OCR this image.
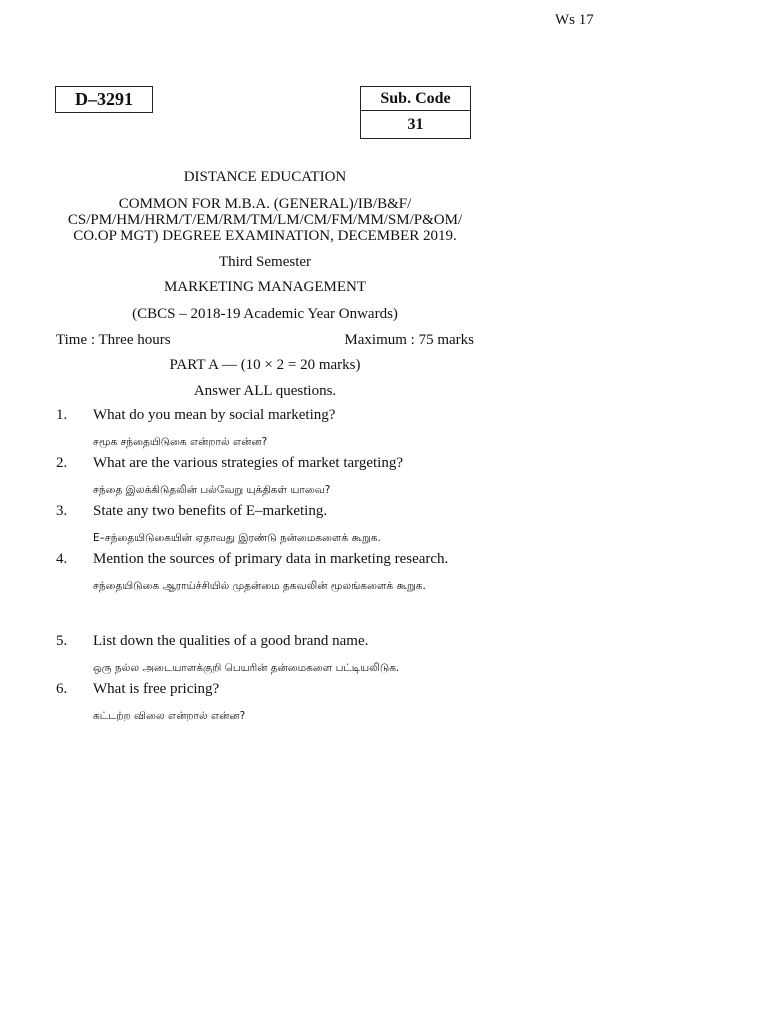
Ws 17
D–3291	Sub. Code
31
DISTANCE EDUCATION
COMMON FOR M.B.A. (GENERAL)/IB/B&F/
CS/PM/HM/HRM/T/EM/RM/TM/LM/CM/FM/MM/SM/P&OM/
CO.OP MGT) DEGREE EXAMINATION, DECEMBER 2019.
Third Semester
MARKETING MANAGEMENT
(CBCS – 2018-19 Academic Year Onwards)
Time : Three hours	Maximum : 75 marks
PART A — (10 × 2 = 20 marks)
Answer ALL questions.
1.	What do you mean by social marketing?
சமூக சந்தையிடுகை என்றால் என்ன?
2.	What are the various strategies of market targeting?
சந்தை இலக்கிடுதலின் பல்வேறு யுக்திகள் யாவை?
3.	State any two benefits of E–marketing.
E–சந்தையிடுகையின் ஏதாவது இரண்டு நன்மைகளைக் கூறுக.
4.	Mention the sources of primary data in marketing research.
சந்தையிடுகை ஆராய்ச்சியில் முதன்மை தகவலின் மூலங்களைக் கூறுக.
5.	List down the qualities of a good brand name.
ஒரு நல்ல அடையாளக்குறி பெயரின் தன்மைகளை பட்டியலிடுக.
6.	What is free pricing?
கட்டற்ற விலை என்றால் என்ன?
